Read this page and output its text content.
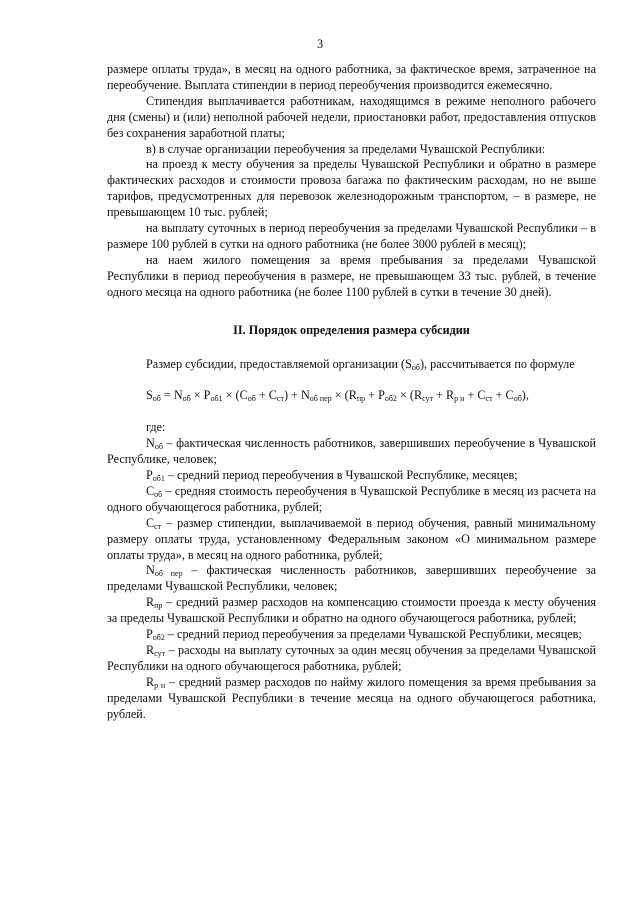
3

размере оплаты труда», в месяц на одного работника, за фактическое время, затраченное на переобучение. Выплата стипендии в период переобучения производится ежемесячно.

Стипендия выплачивается работникам, находящимся в режиме неполного рабочего дня (смены) и (или) неполной рабочей недели, приостановки работ, предоставления отпусков без сохранения заработной платы;

в) в случае организации переобучения за пределами Чувашской Республики:

на проезд к месту обучения за пределы Чувашской Республики и обратно в размере фактических расходов и стоимости провоза багажа по фактическим расходам, но не выше тарифов, предусмотренных для перевозок железнодорожным транспортом, – в размере, не превышающем 10 тыс. рублей;

на выплату суточных в период переобучения за пределами Чувашской Республики – в размере 100 рублей в сутки на одного работника (не более 3000 рублей в месяц);

на наем жилого помещения за время пребывания за пределами Чувашской Республики в период переобучения в размере, не превышающем 33 тыс. рублей, в течение одного месяца на одного работника (не более 1100 рублей в сутки в течение 30 дней).

II. Порядок определения размера субсидии

Размер субсидии, предоставляемой организации $(S_{об})$, рассчитывается по формуле

$S_{об} = N_{об} \times P_{об1} \times (C_{об} + C_{ст}) + N_{об пер} \times (R_{пр} + P_{об2} \times (R_{сут} + R_{р н} + C_{ст} + C_{об})$,

где:

$N_{об}$ – фактическая численность работников, завершивших переобучение в Чувашской Республике, человек;

$P_{об1}$ – средний период переобучения в Чувашской Республике, месяцев;

$C_{об}$ – средняя стоимость переобучения в Чувашской Республике в месяц из расчета на одного обучающегося работника, рублей;

$C_{ст}$ – размер стипендии, выплачиваемой в период обучения, равный минимальному размеру оплаты труда, установленному Федеральным законом «О минимальном размере оплаты труда», в месяц на одного работника, рублей;

$N_{об пер}$ – фактическая численность работников, завершивших переобучение за пределами Чувашской Республики, человек;

$R_{пр}$ – средний размер расходов на компенсацию стоимости проезда к месту обучения за пределы Чувашской Республики и обратно на одного обучающегося работника, рублей;

$P_{об2}$ – средний период переобучения за пределами Чувашской Республики, месяцев;

$R_{сут}$ – расходы на выплату суточных за один месяц обучения за пределами Чувашской Республики на одного обучающегося работника, рублей;

$R_{р н}$ – средний размер расходов по найму жилого помещения за время пребывания за пределами Чувашской Республики в течение месяца на одного обучающегося работника, рублей.
